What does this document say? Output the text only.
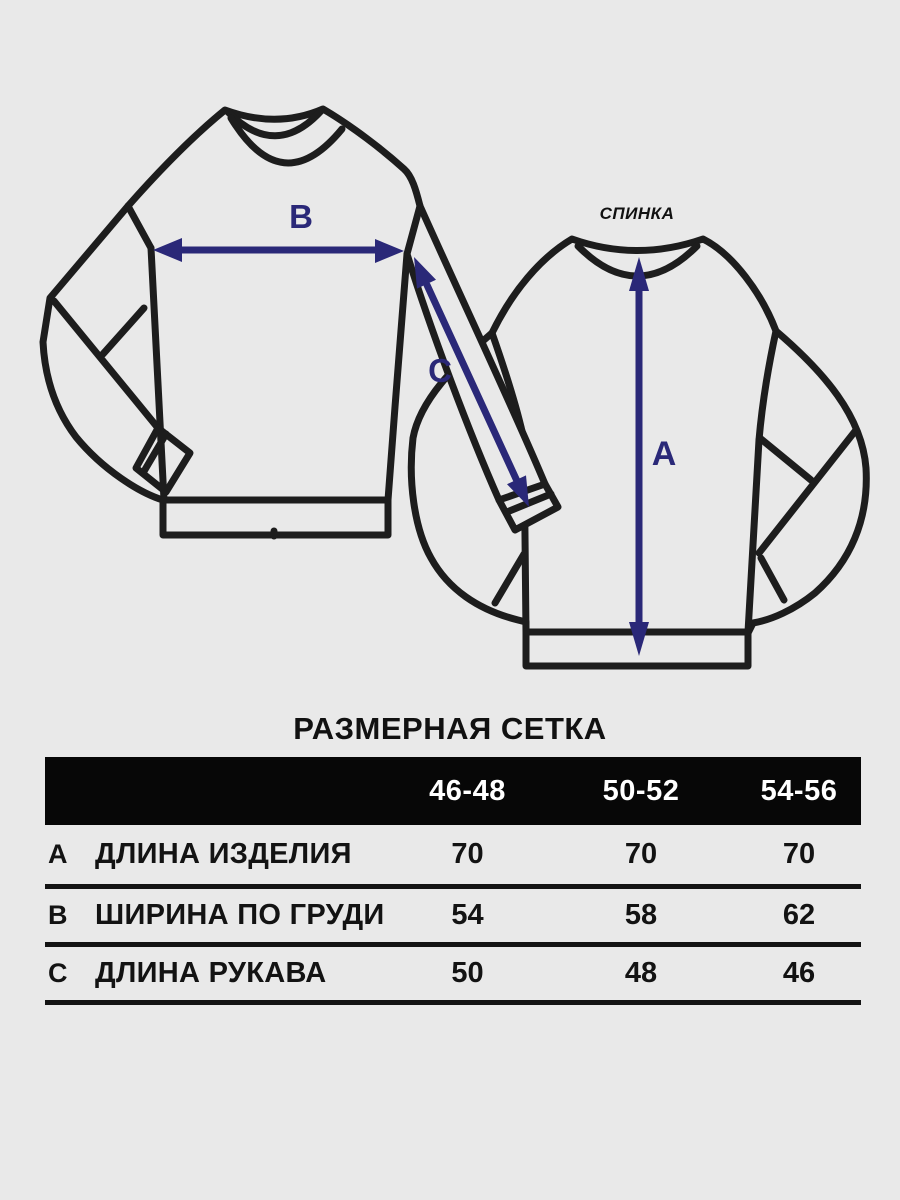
B
C
A
СПИНКА
РАЗМЕРНАЯ СЕТКА
46-48	50-52	54-56
A ДЛИНА ИЗДЕЛИЯ	70	70	70
B ШИРИНА ПО ГРУДИ	54	58	62
C ДЛИНА РУКАВА	50	48	46
